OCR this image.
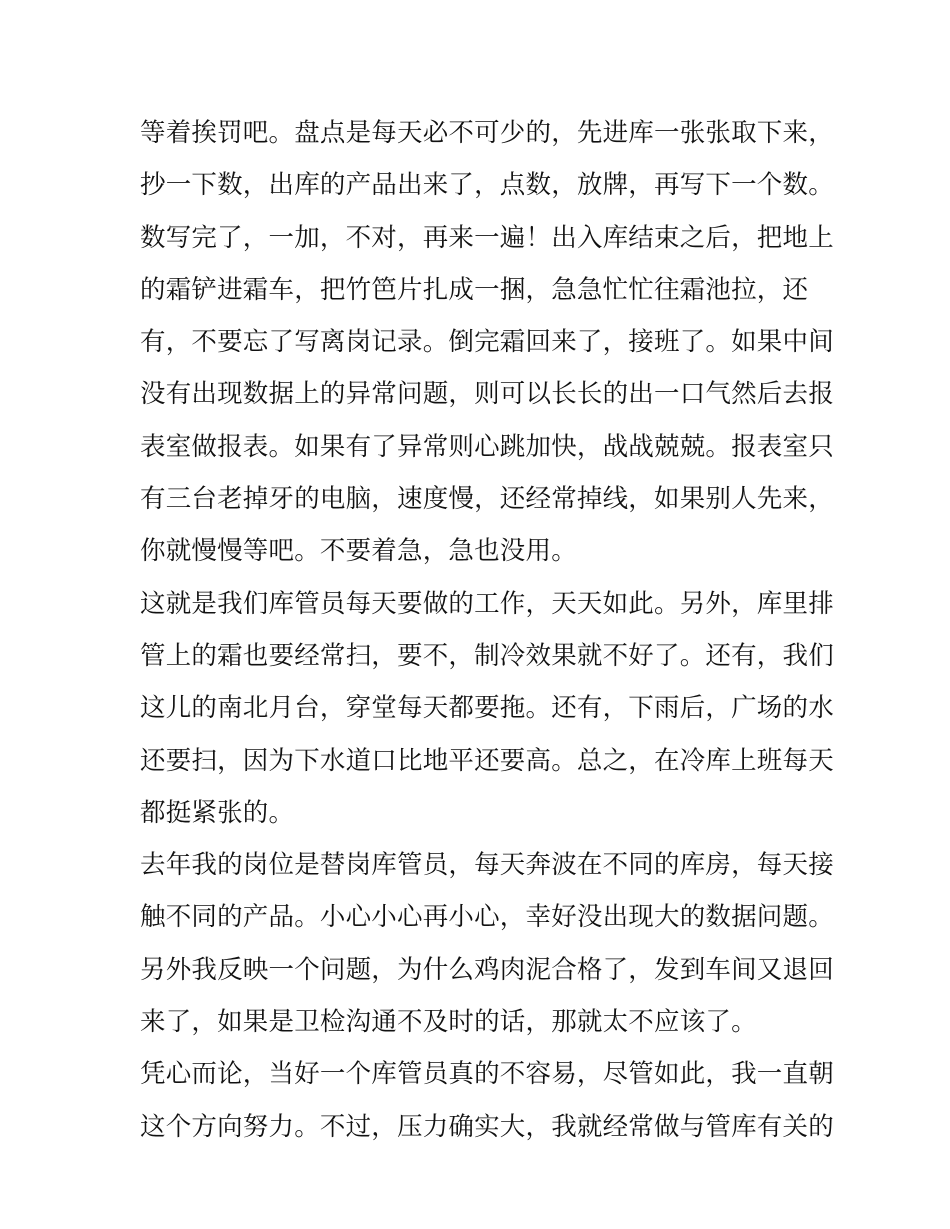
等着挨罚吧。盘点是每天必不可少的，先进库一张张取下来，
抄一下数，出库的产品出来了，点数，放牌，再写下一个数。
数写完了，一加，不对，再来一遍！出入库结束之后，把地上
的霜铲进霜车，把竹笆片扎成一捆，急急忙忙往霜池拉，还
有，不要忘了写离岗记录。倒完霜回来了，接班了。如果中间
没有出现数据上的异常问题，则可以长长的出一口气然后去报
表室做报表。如果有了异常则心跳加快，战战兢兢。报表室只
有三台老掉牙的电脑，速度慢，还经常掉线，如果别人先来，
你就慢慢等吧。不要着急，急也没用。
这就是我们库管员每天要做的工作，天天如此。另外，库里排
管上的霜也要经常扫，要不，制冷效果就不好了。还有，我们
这儿的南北月台，穿堂每天都要拖。还有，下雨后，广场的水
还要扫，因为下水道口比地平还要高。总之，在冷库上班每天
都挺紧张的。
去年我的岗位是替岗库管员，每天奔波在不同的库房，每天接
触不同的产品。小心小心再小心，幸好没出现大的数据问题。
另外我反映一个问题，为什么鸡肉泥合格了，发到车间又退回
来了，如果是卫检沟通不及时的话，那就太不应该了。
凭心而论，当好一个库管员真的不容易，尽管如此，我一直朝
这个方向努力。不过，压力确实大，我就经常做与管库有关的
